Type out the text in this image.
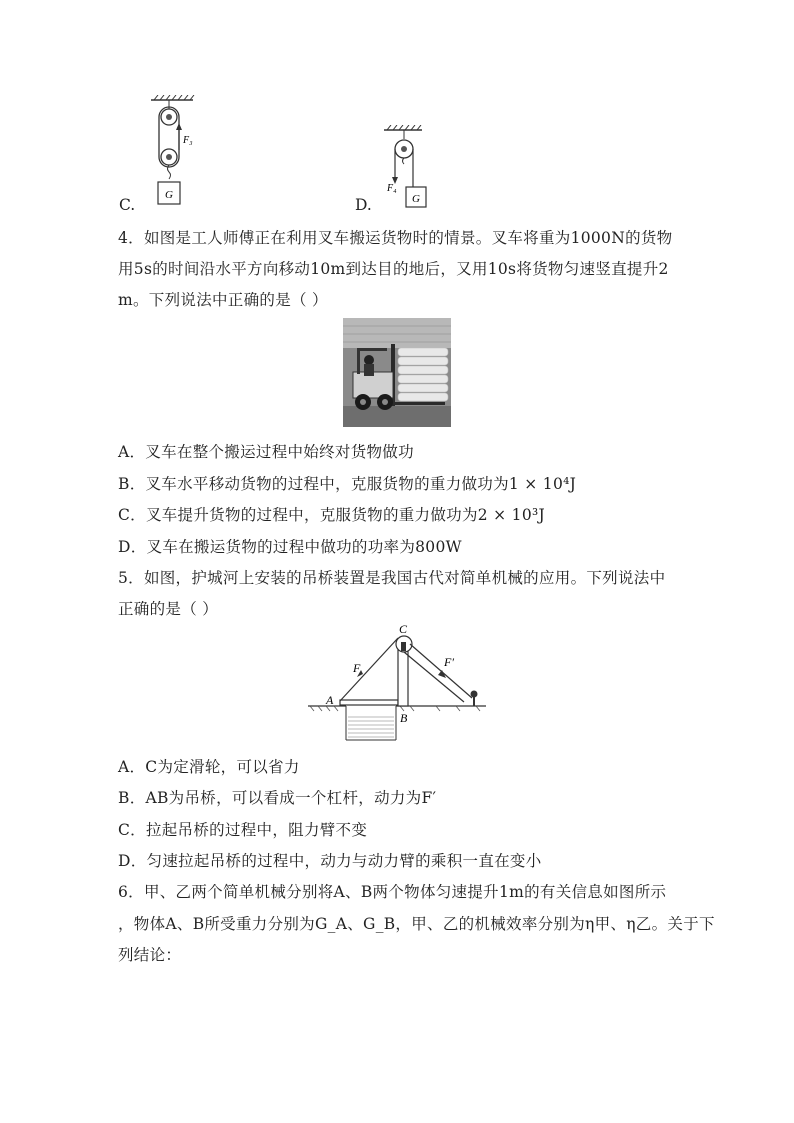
C.
F₃
G
D.
F₄
G
4．如图是工人师傅正在利用叉车搬运货物时的情景。叉车将重为1000N的货物
用5s的时间沿水平方向移动10m到达目的地后，又用10s将货物匀速竖直提升2
m。下列说法中正确的是（ ）
A．叉车在整个搬运过程中始终对货物做功
B．叉车水平移动货物的过程中，克服货物的重力做功为1 × 10⁴J
C．叉车提升货物的过程中，克服货物的重力做功为2 × 10³J
D．叉车在搬运货物的过程中做功的功率为800W
5．如图，护城河上安装的吊桥装置是我国古代对简单机械的应用。下列说法中
正确的是（ ）
C
F	F′
A
B
A．C为定滑轮，可以省力
B．AB为吊桥，可以看成一个杠杆，动力为F′
C．拉起吊桥的过程中，阻力臂不变
D．匀速拉起吊桥的过程中，动力与动力臂的乘积一直在变小
6．甲、乙两个简单机械分别将A、B两个物体匀速提升1m的有关信息如图所示
，物体A、B所受重力分别为G_A、G_B，甲、乙的机械效率分别为η甲、η乙。关于下
列结论：
